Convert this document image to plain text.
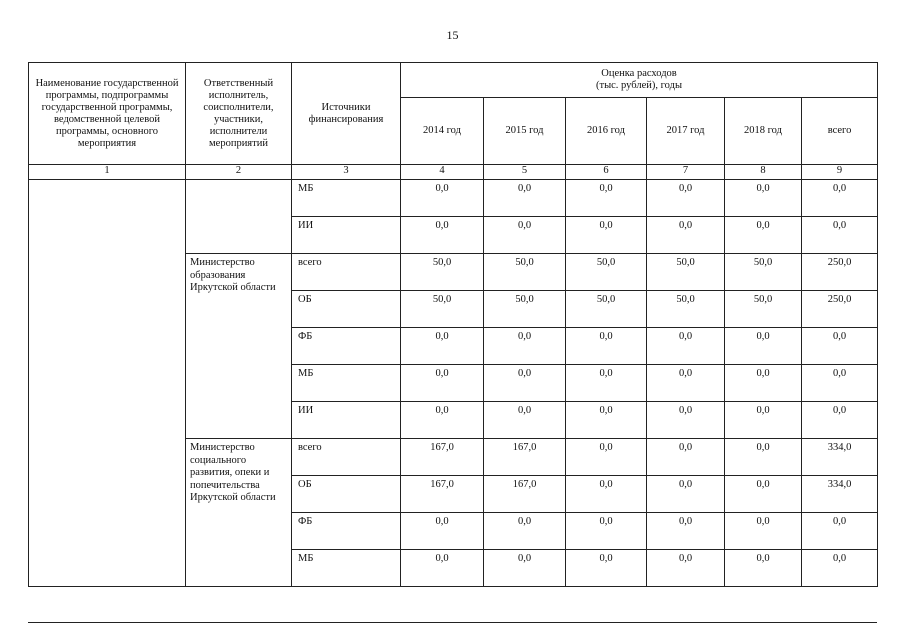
15
Наименование государственной программы, подпрограммы государственной программы, ведомственной целевой программы, основного мероприятия	Ответственный исполнитель, соисполнители, участники, исполнители мероприятий	Источники финансирования	Оценка расходов
(тыс. рублей), годы					

			2014 год	2015 год	2016 год	2017 год	2018 год	всего
1	2	3	4	5	6	7	8	9
		МБ	0,0	0,0	0,0	0,0	0,0	0,0
		ИИ	0,0	0,0	0,0	0,0	0,0	0,0
	Министерство образования Иркутской области	всего	50,0	50,0	50,0	50,0	50,0	250,0
		ОБ	50,0	50,0	50,0	50,0	50,0	250,0
		ФБ	0,0	0,0	0,0	0,0	0,0	0,0
		МБ	0,0	0,0	0,0	0,0	0,0	0,0
		ИИ	0,0	0,0	0,0	0,0	0,0	0,0
	Министерство социального развития, опеки и попечительства Иркутской области	всего	167,0	167,0	0,0	0,0	0,0	334,0
		ОБ	167,0	167,0	0,0	0,0	0,0	334,0
		ФБ	0,0	0,0	0,0	0,0	0,0	0,0
		МБ	0,0	0,0	0,0	0,0	0,0	0,0
